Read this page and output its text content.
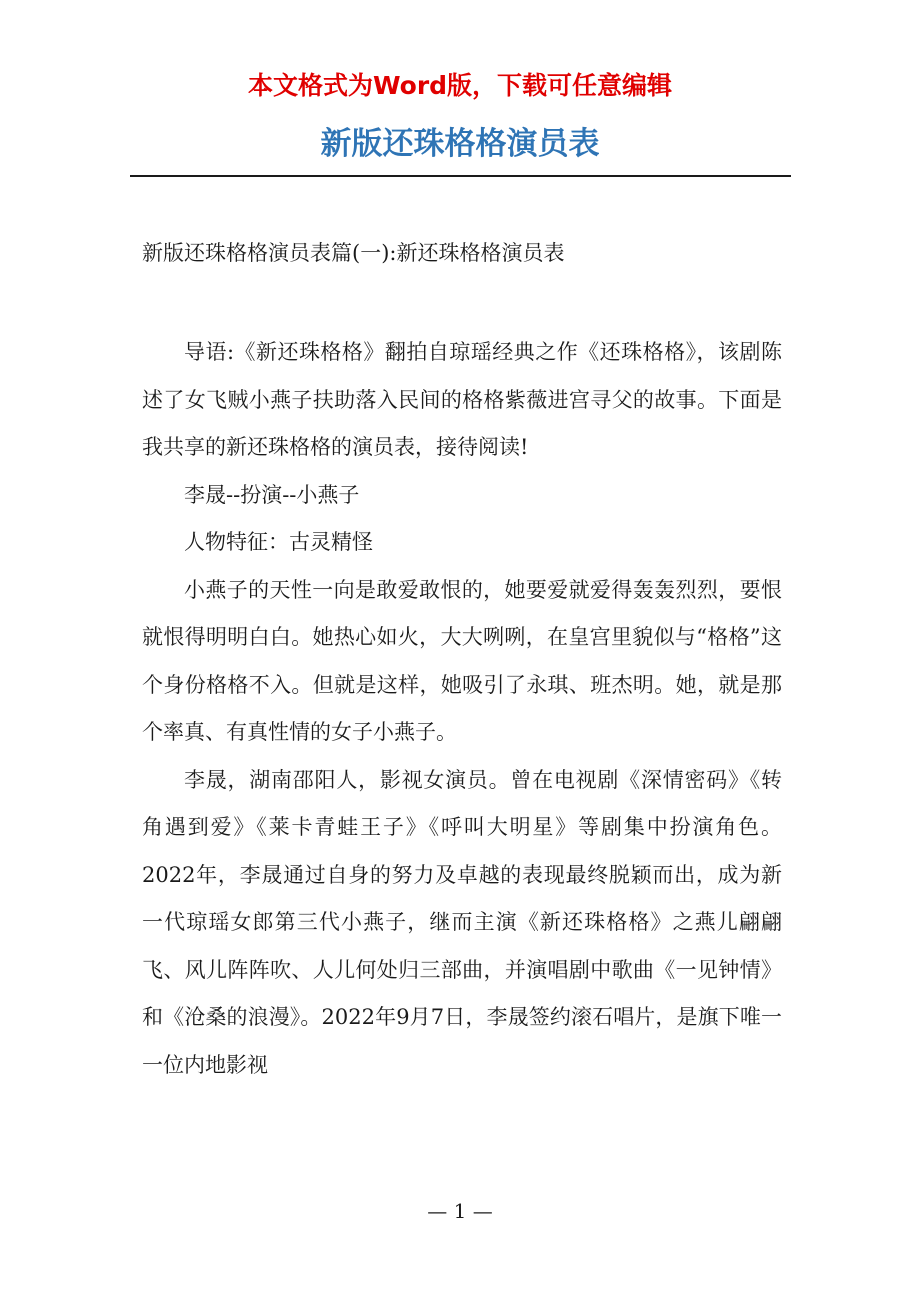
本文格式为Word版，下载可任意编辑
新版还珠格格演员表
新版还珠格格演员表篇(一):新还珠格格演员表

导语:《新还珠格格》翻拍自琼瑶经典之作《还珠格格》，该剧陈述了女飞贼小燕子扶助落入民间的格格紫薇进宫寻父的故事。下面是我共享的新还珠格格的演员表，接待阅读!

李晟--扮演--小燕子

人物特征：古灵精怪

小燕子的天性一向是敢爱敢恨的，她要爱就爱得轰轰烈烈，要恨就恨得明明白白。她热心如火，大大咧咧，在皇宫里貌似与“格格”这个身份格格不入。但就是这样，她吸引了永琪、班杰明。她，就是那个率真、有真性情的女子小燕子。

李晟，湖南邵阳人，影视女演员。曾在电视剧《深情密码》《转角遇到爱》《莱卡青蛙王子》《呼叫大明星》等剧集中扮演角色。2022年，李晟通过自身的努力及卓越的表现最终脱颖而出，成为新一代琼瑶女郎第三代小燕子，继而主演《新还珠格格》之燕儿翩翩飞、风儿阵阵吹、人儿何处归三部曲，并演唱剧中歌曲《一见钟情》和《沧桑的浪漫》。2022年9月7日，李晟签约滚石唱片，是旗下唯一一位内地影视

— 1 —
